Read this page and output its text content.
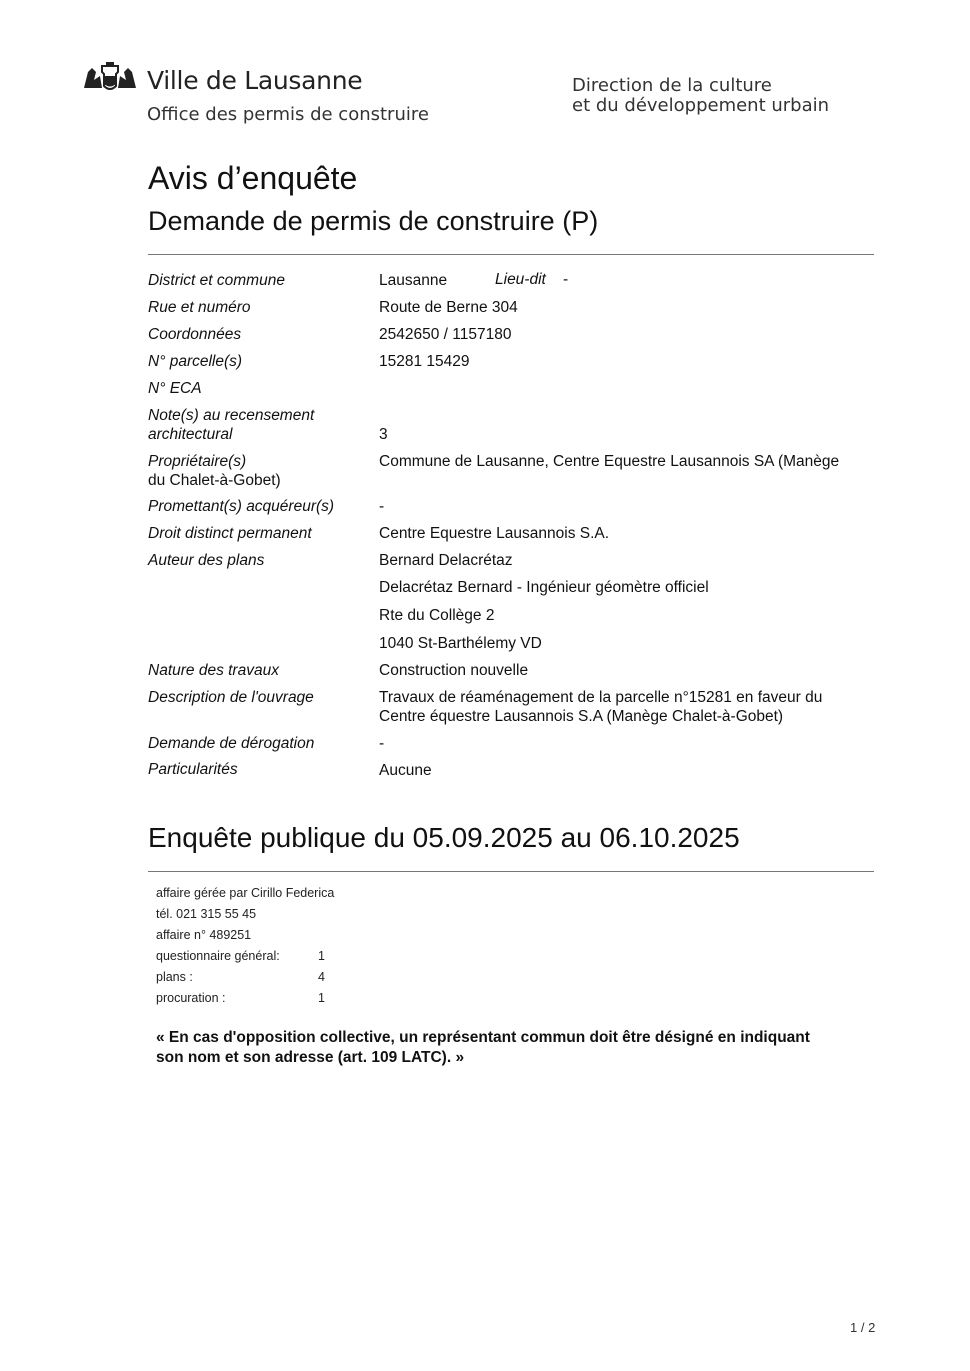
Ville de Lausanne
Office des permis de construire
Direction de la culture
et du développement urbain
Avis d’enquête
Demande de permis de construire (P)
District et commune	Lausanne	Lieu-dit -
Rue et numéro	Route de Berne 304
Coordonnées	2542650 / 1157180
N° parcelle(s)	15281 15429
N° ECA
Note(s) au recensement
architectural	3
Propriétaire(s)	Commune de Lausanne, Centre Equestre Lausannois SA (Manège
du Chalet-à-Gobet)
Promettant(s) acquéreur(s)	-
Droit distinct permanent	Centre Equestre Lausannois S.A.
Auteur des plans	Bernard Delacrétaz
Delacrétaz Bernard - Ingénieur géomètre officiel
Rte du Collège 2
1040 St-Barthélemy VD
Nature des travaux	Construction nouvelle
Description de l'ouvrage	Travaux de réaménagement de la parcelle n°15281 en faveur du
Centre équestre Lausannois S.A (Manège Chalet-à-Gobet)
Demande de dérogation	-
Particularités	Aucune
Enquête publique du 05.09.2025 au 06.10.2025
affaire gérée par Cirillo Federica
tél. 021 315 55 45
affaire n° 489251
questionnaire général:	1
plans :	4
procuration :	1
« En cas d'opposition collective, un représentant commun doit être désigné en indiquant
son nom et son adresse (art. 109 LATC). »
1 / 2
